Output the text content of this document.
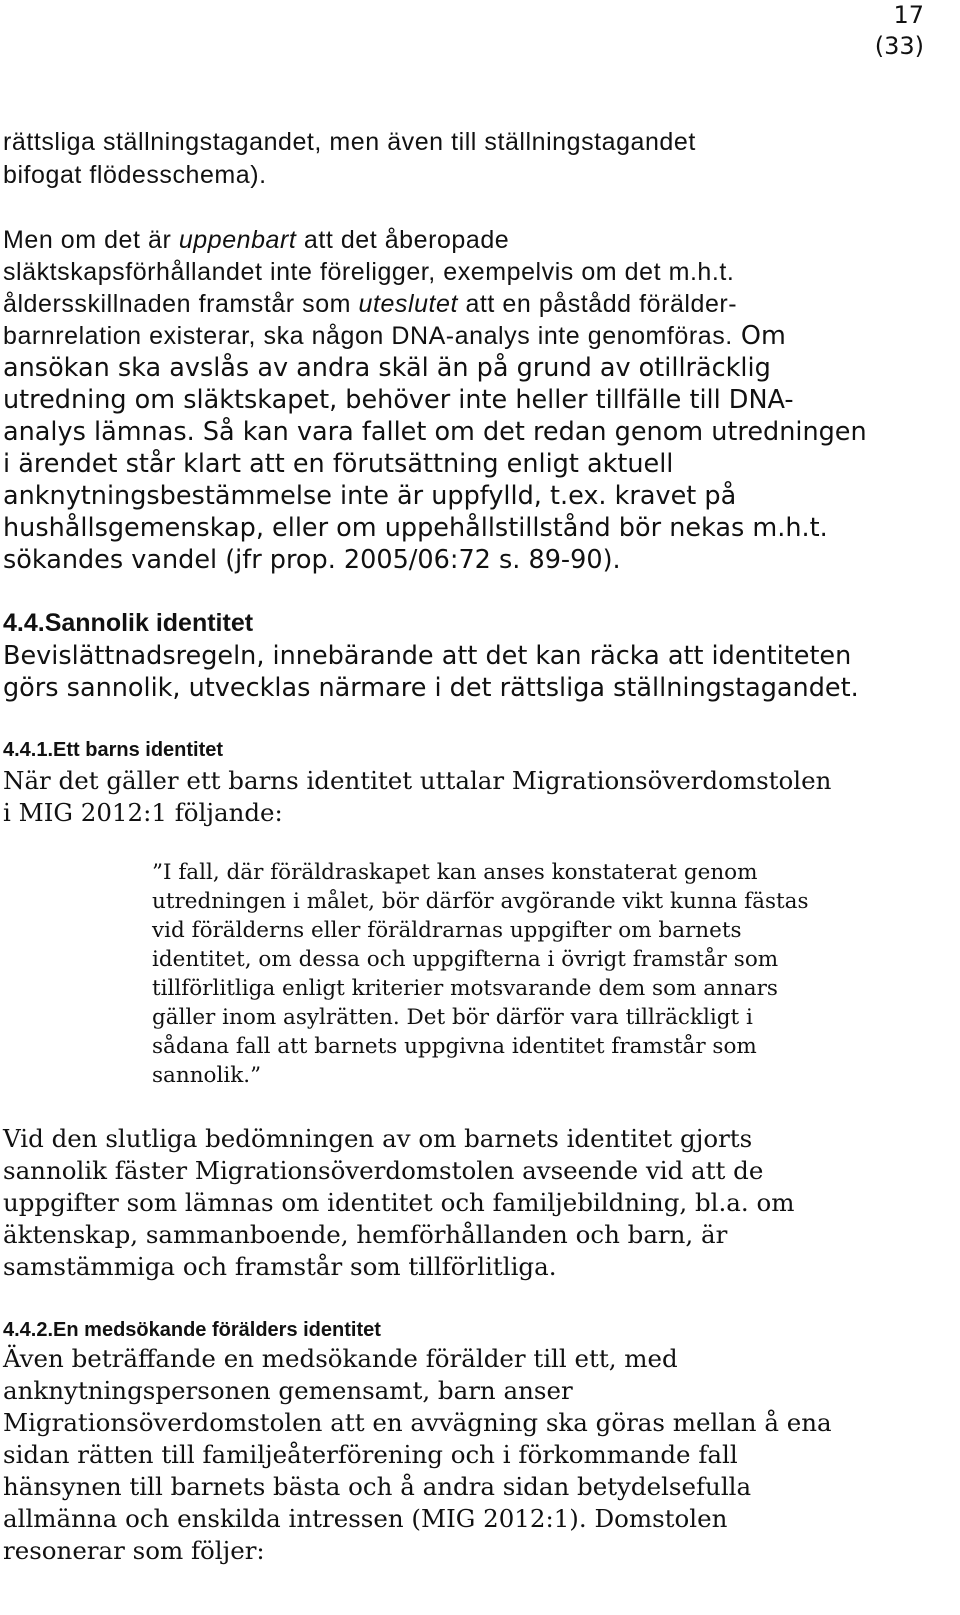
17
(33)
rättsliga ställningstagandet, men även till ställningstagandet
bifogat flödesschema).
Men om det är uppenbart att det åberopade
släktskapsförhållandet inte föreligger, exempelvis om det m.h.t.
åldersskillnaden framstår som uteslutet att en påstådd förälder-
barnrelation existerar, ska någon DNA-analys inte genomföras. Om
ansökan ska avslås av andra skäl än på grund av otillräcklig
utredning om släktskapet, behöver inte heller tillfälle till DNA-
analys lämnas. Så kan vara fallet om det redan genom utredningen
i ärendet står klart att en förutsättning enligt aktuell
anknytningsbestämmelse inte är uppfylld, t.ex. kravet på
hushållsgemenskap, eller om uppehållstillstånd bör nekas m.h.t.
sökandes vandel (jfr prop. 2005/06:72 s. 89-90).
4.4.Sannolik identitet
Bevislättnadsregeln, innebärande att det kan räcka att identiteten
görs sannolik, utvecklas närmare i det rättsliga ställningstagandet.
4.4.1.Ett barns identitet
När det gäller ett barns identitet uttalar Migrationsöverdomstolen
i MIG 2012:1 följande:
”I fall, där föräldraskapet kan anses konstaterat genom
utredningen i målet, bör därför avgörande vikt kunna fästas
vid förälderns eller föräldrarnas uppgifter om barnets
identitet, om dessa och uppgifterna i övrigt framstår som
tillförlitliga enligt kriterier motsvarande dem som annars
gäller inom asylrätten. Det bör därför vara tillräckligt i
sådana fall att barnets uppgivna identitet framstår som
sannolik.”
Vid den slutliga bedömningen av om barnets identitet gjorts
sannolik fäster Migrationsöverdomstolen avseende vid att de
uppgifter som lämnas om identitet och familjebildning, bl.a. om
äktenskap, sammanboende, hemförhållanden och barn, är
samstämmiga och framstår som tillförlitliga.
4.4.2.En medsökande förälders identitet
Även beträffande en medsökande förälder till ett, med
anknytningspersonen gemensamt, barn anser
Migrationsöverdomstolen att en avvägning ska göras mellan å ena
sidan rätten till familjeåterförening och i förkommande fall
hänsynen till barnets bästa och å andra sidan betydelsefulla
allmänna och enskilda intressen (MIG 2012:1). Domstolen
resonerar som följer:
